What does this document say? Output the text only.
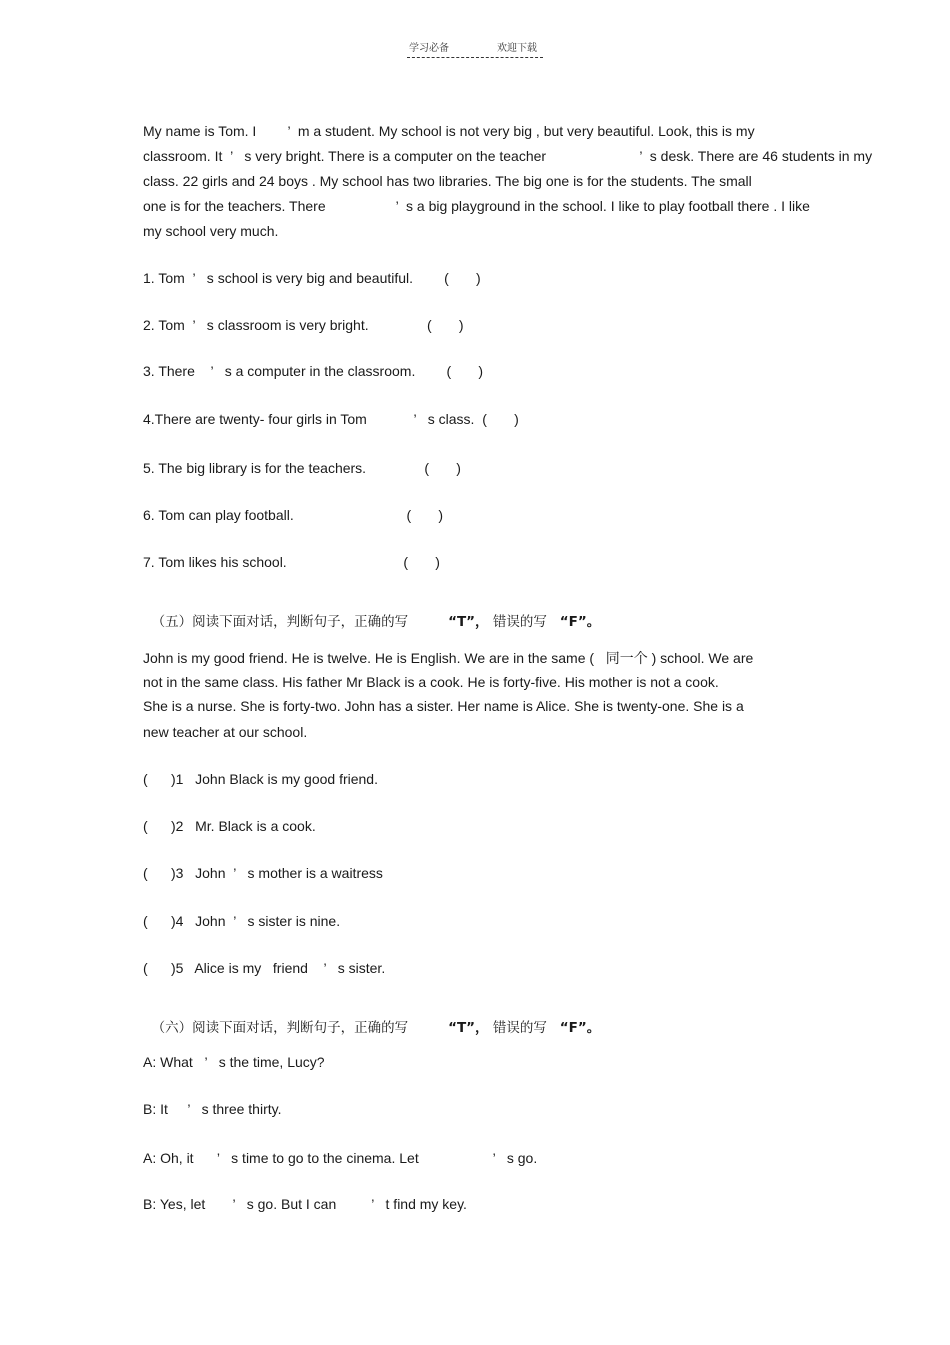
学习必备	欢迎下载
My name is Tom. I        ’  m a student. My school is not very big , but very beautiful. Look, this is my
classroom. It  ’   s very bright. There is a computer on the teacher                        ’  s desk. There are 46 students in my
class. 22 girls and 24 boys . My school has two libraries. The big one is for the students. The small
one is for the teachers. There                  ’  s a big playground in the school. I like to play football there . I like
my school very much.
1. Tom  ’   s school is very big and beautiful.        (       )
2. Tom  ’   s classroom is very bright.               (       )
3. There    ’   s a computer in the classroom.        (       )
4.There are twenty- four girls in Tom            ’   s class.  (       )
5. The big library is for the teachers.               (       )
6. Tom can play football.                             (       )
7. Tom likes his school.                              (       )

（五）阅读下面对话，判断句子，正确的写	“T”， 错误的写 “F”。

John is my good friend. He is twelve. He is English. We are in the same (   同一个 ) school. We are
not in the same class. His father Mr Black is a cook. He is forty-five. His mother is not a cook.
She is a nurse. She is forty-two. John has a sister. Her name is Alice. She is twenty-one. She is a
new teacher at our school.
(      )1   John Black is my good friend.
(      )2   Mr. Black is a cook.
(      )3   John  ’   s mother is a waitress
(      )4   John  ’   s sister is nine.
(      )5   Alice is my   friend    ’   s sister.

（六）阅读下面对话，判断句子，正确的写	“T”， 错误的写 “F”。

A: What   ’   s the time, Lucy?
B: It     ’   s three thirty.
A: Oh, it      ’   s time to go to the cinema. Let                   ’   s go.
B: Yes, let       ’   s go. But I can         ’   t find my key.
